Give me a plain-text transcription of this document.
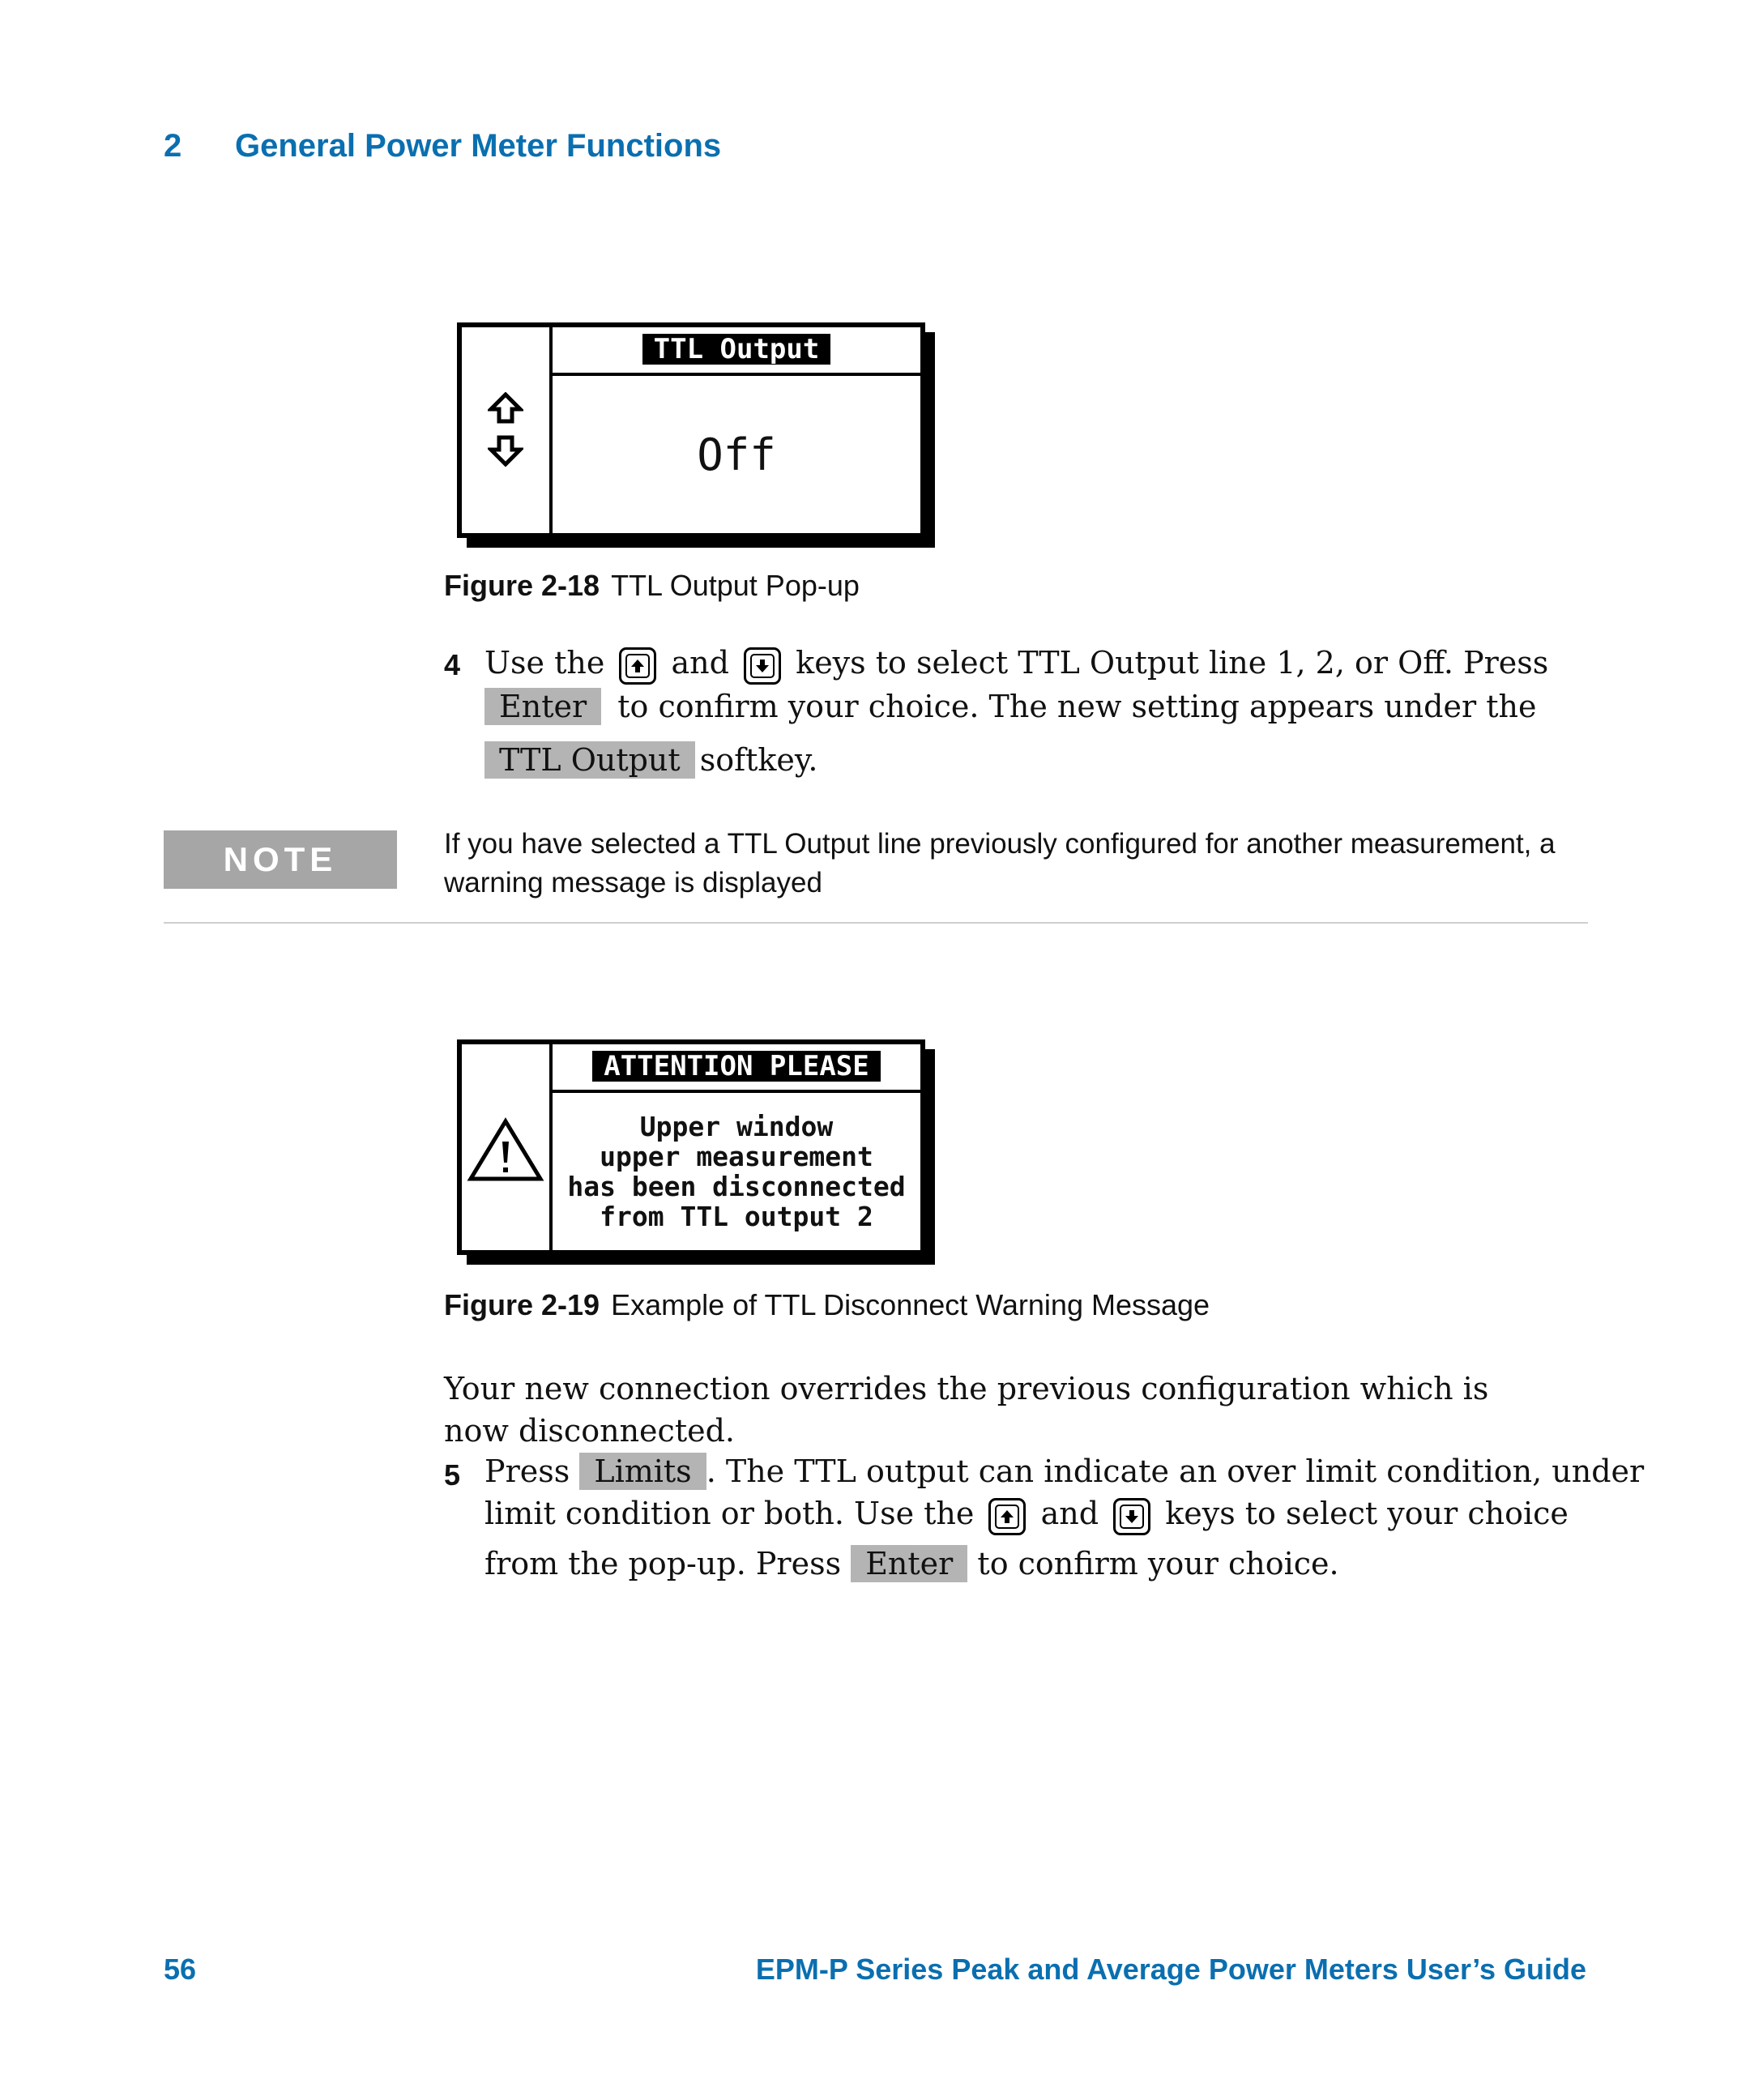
2 General Power Meter Functions
TTL Output
Off
Figure 2-18 TTL Output Pop-up
4 Use the and keys to select TTL Output line 1, 2, or Off. Press
Enter to confirm your choice. The new setting appears under the
TTL Output softkey.
NOTE	If you have selected a TTL Output line previously configured for another measurement, a warning message is displayed
ATTENTION PLEASE
Upper window
upper measurement
has been disconnected
from TTL output 2
Figure 2-19 Example of TTL Disconnect Warning Message
Your new connection overrides the previous configuration which is now disconnected.
5 Press Limits . The TTL output can indicate an over limit condition, under
limit condition or both. Use the and keys to select your choice
from the pop-up. Press Enter to confirm your choice.
56	EPM-P Series Peak and Average Power Meters User’s Guide
